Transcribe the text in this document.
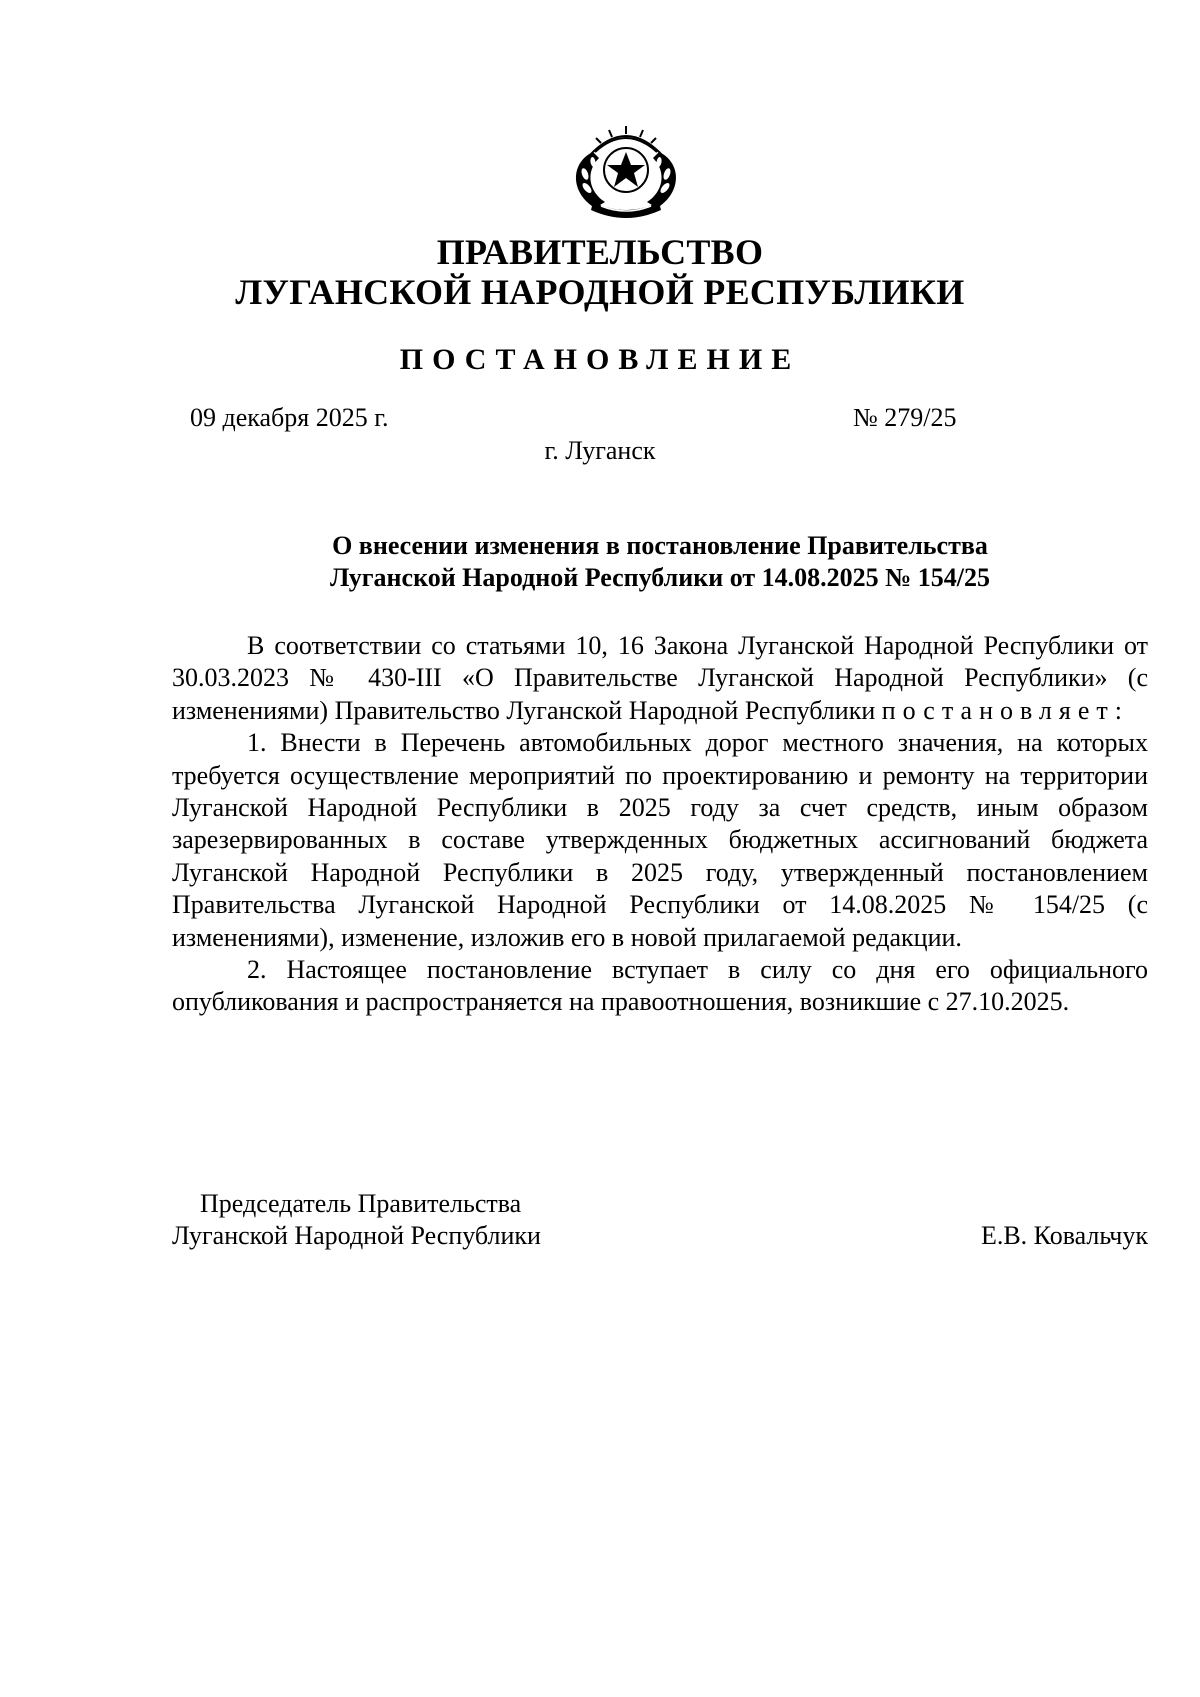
ПРАВИТЕЛЬСТВО
ЛУГАНСКОЙ НАРОДНОЙ РЕСПУБЛИКИ
ПОСТАНОВЛЕНИЕ
09 декабря 2025 г.	№ 279/25
г. Луганск
О внесении изменения в постановление Правительства
Луганской Народной Республики от 14.08.2025 № 154/25

В соответствии со статьями 10, 16 Закона Луганской Народной Республики от 30.03.2023 № 430-III «О Правительстве Луганской Народной Республики» (с изменениями) Правительство Луганской Народной Республики постановляет:

1. Внести в Перечень автомобильных дорог местного значения, на которых требуется осуществление мероприятий по проектированию и ремонту на территории Луганской Народной Республики в 2025 году за счет средств, иным образом зарезервированных в составе утвержденных бюджетных ассигнований бюджета Луганской Народной Республики в 2025 году, утвержденный постановлением Правительства Луганской Народной Республики от 14.08.2025 № 154/25 (с изменениями), изменение, изложив его в новой прилагаемой редакции.

2. Настоящее постановление вступает в силу со дня его официального опубликования и распространяется на правоотношения, возникшие с 27.10.2025.

Председатель Правительства
Луганской Народной Республики	Е.В. Ковальчук
